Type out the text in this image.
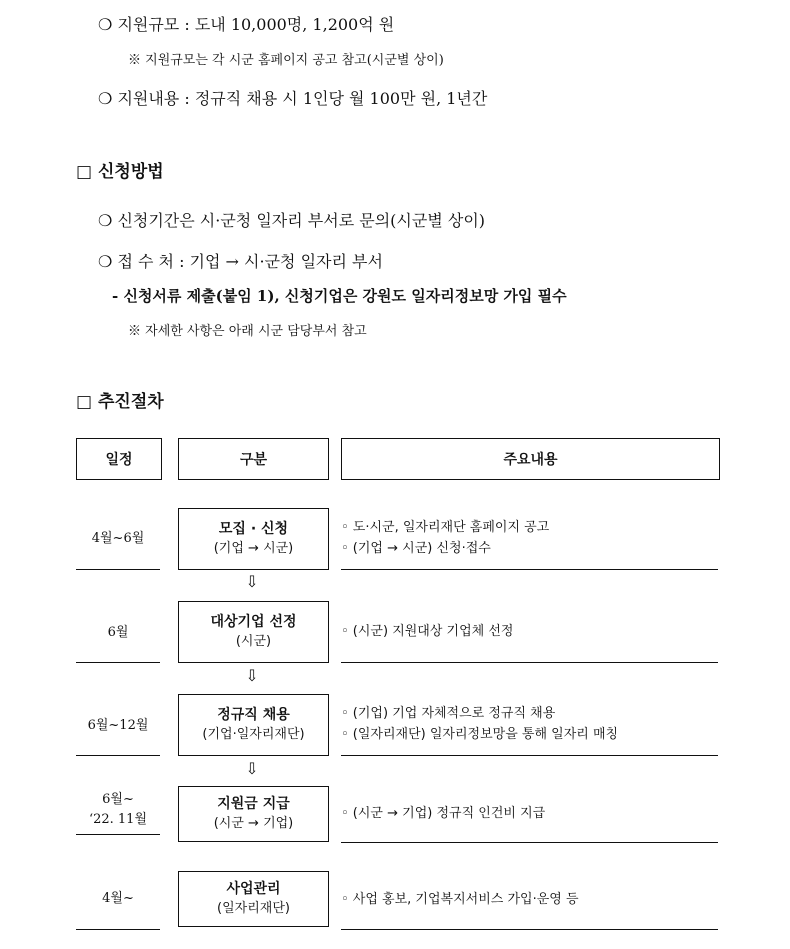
❍ 지원규모 : 도내 10,000명, 1,200억 원
※ 지원규모는 각 시군 홈페이지 공고 참고(시군별 상이)
❍ 지원내용 : 정규직 채용 시 1인당 월 100만 원, 1년간
□ 신청방법
❍ 신청기간은 시·군청 일자리 부서로 문의(시군별 상이)
❍ 접 수 처 : 기업 → 시·군청 일자리 부서
- 신청서류 제출(붙임 1), 신청기업은 강원도 일자리정보망 가입 필수
※ 자세한 사항은 아래 시군 담당부서 참고
□ 추진절차
일정	구분	주요내용
4월~6월
모집 · 신청
(기업 → 시군)
◦ 도·시군, 일자리재단 홈페이지 공고
◦ (기업 → 시군) 신청·접수
⇩
6월
대상기업 선정
(시군)
◦ (시군) 지원대상 기업체 선정
⇩
6월~12월
정규직 채용
(기업·일자리재단)
◦ (기업) 기업 자체적으로 정규직 채용
◦ (일자리재단) 일자리정보망을 통해 일자리 매칭
⇩
6월~
‘22. 11월
지원금 지급
(시군 → 기업)
◦ (시군 → 기업) 정규직 인건비 지급
4월~
사업관리
(일자리재단)
◦ 사업 홍보, 기업복지서비스 가입·운영 등
